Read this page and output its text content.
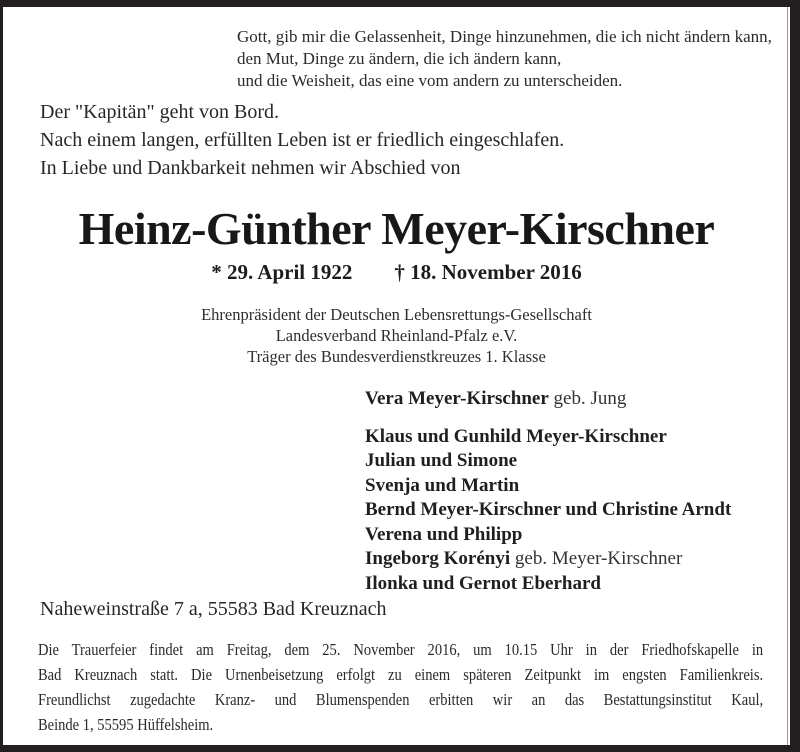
Gott, gib mir die Gelassenheit, Dinge hinzunehmen, die ich nicht ändern kann,
den Mut, Dinge zu ändern, die ich ändern kann,
und die Weisheit, das eine vom andern zu unterscheiden.
Der "Kapitän" geht von Bord.
Nach einem langen, erfüllten Leben ist er friedlich eingeschlafen.
In Liebe und Dankbarkeit nehmen wir Abschied von
Heinz-Günther Meyer-Kirschner
* 29. April 1922 † 18. November 2016
Ehrenpräsident der Deutschen Lebensrettungs-Gesellschaft
Landesverband Rheinland-Pfalz e.V.
Träger des Bundesverdienstkreuzes 1. Klasse
Vera Meyer-Kirschner geb. Jung
Klaus und Gunhild Meyer-Kirschner
Julian und Simone
Svenja und Martin
Bernd Meyer-Kirschner und Christine Arndt
Verena und Philipp
Ingeborg Korényi geb. Meyer-Kirschner
Ilonka und Gernot Eberhard
Naheweinstraße 7 a, 55583 Bad Kreuznach
Die Trauerfeier findet am Freitag, dem 25. November 2016, um 10.15 Uhr in der Friedhofskapelle in
Bad Kreuznach statt. Die Urnenbeisetzung erfolgt zu einem späteren Zeitpunkt im engsten Familienkreis.
Freundlichst zugedachte Kranz- und Blumenspenden erbitten wir an das Bestattungsinstitut Kaul,
Beinde 1, 55595 Hüffelsheim.
